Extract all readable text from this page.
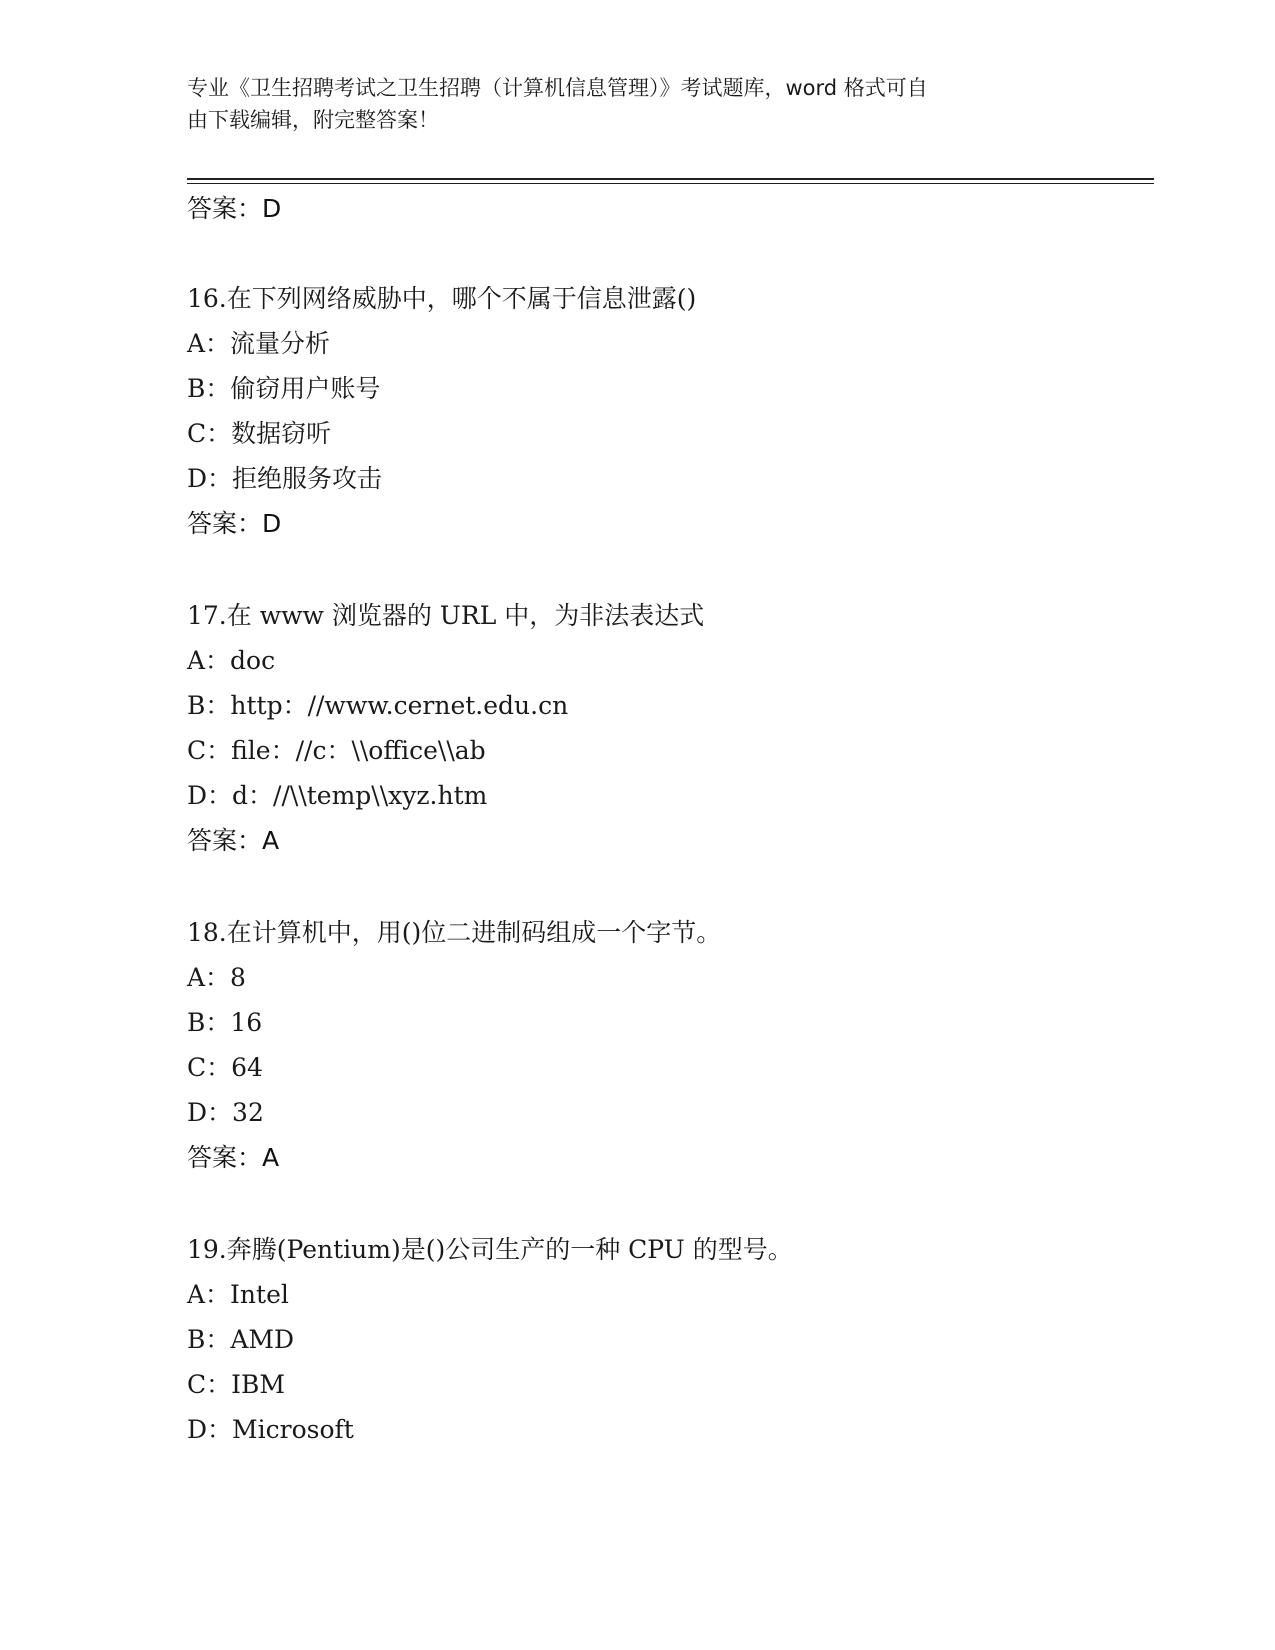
专业《卫生招聘考试之卫生招聘（计算机信息管理）》考试题库，word 格式可自
由下载编辑，附完整答案！
答案：D
16.在下列网络威胁中，哪个不属于信息泄露()
A：流量分析
B：偷窃用户账号
C：数据窃听
D：拒绝服务攻击
答案：D
17.在 www 浏览器的 URL 中，为非法表达式
A：doc
B：http：//www.cernet.edu.cn
C：file：//c：\\office\\ab
D：d：//\\temp\\xyz.htm
答案：A
18.在计算机中，用()位二进制码组成一个字节。
A：8
B：16
C：64
D：32
答案：A
19.奔腾(Pentium)是()公司生产的一种 CPU 的型号。
A：Intel
B：AMD
C：IBM
D：Microsoft
